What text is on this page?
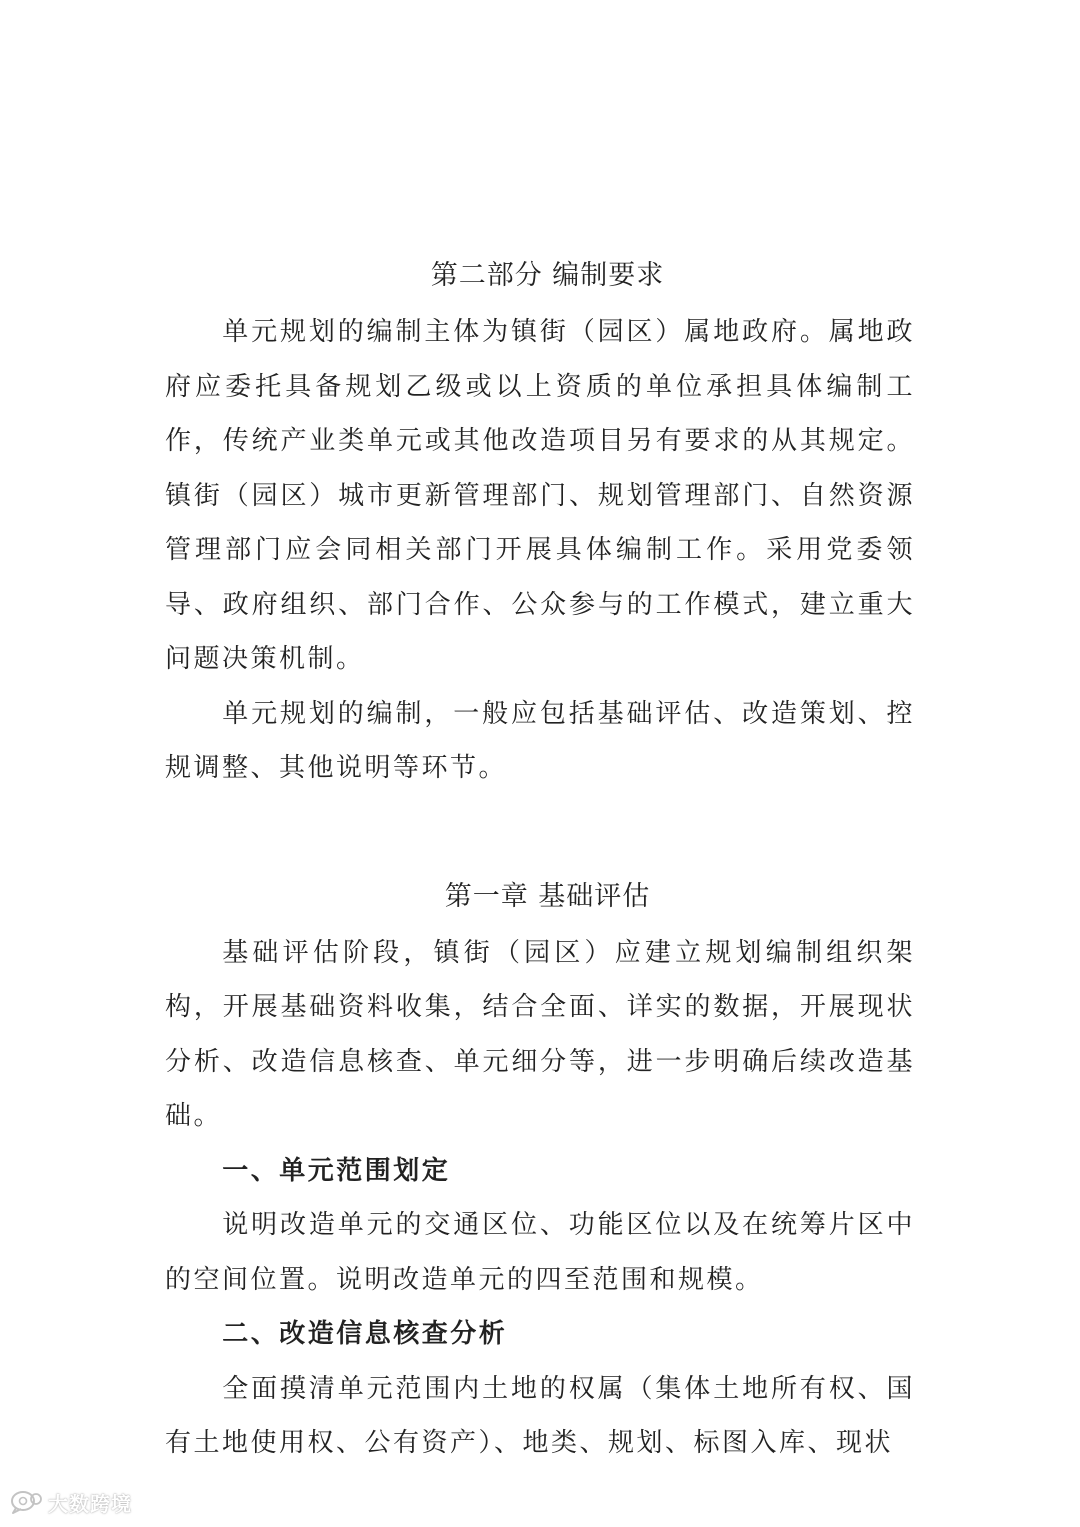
第二部分 编制要求

单元规划的编制主体为镇街（园区）属地政府。属地政府应委托具备规划乙级或以上资质的单位承担具体编制工作，传统产业类单元或其他改造项目另有要求的从其规定。镇街（园区）城市更新管理部门、规划管理部门、自然资源管理部门应会同相关部门开展具体编制工作。采用党委领导、政府组织、部门合作、公众参与的工作模式，建立重大问题决策机制。

单元规划的编制，一般应包括基础评估、改造策划、控规调整、其他说明等环节。

第一章 基础评估

基础评估阶段，镇街（园区）应建立规划编制组织架构，开展基础资料收集，结合全面、详实的数据，开展现状分析、改造信息核查、单元细分等，进一步明确后续改造基础。

一、单元范围划定

说明改造单元的交通区位、功能区位以及在统筹片区中的空间位置。说明改造单元的四至范围和规模。

二、改造信息核查分析

全面摸清单元范围内土地的权属（集体土地所有权、国有土地使用权、公有资产）、地类、规划、标图入库、现状

大数跨境
